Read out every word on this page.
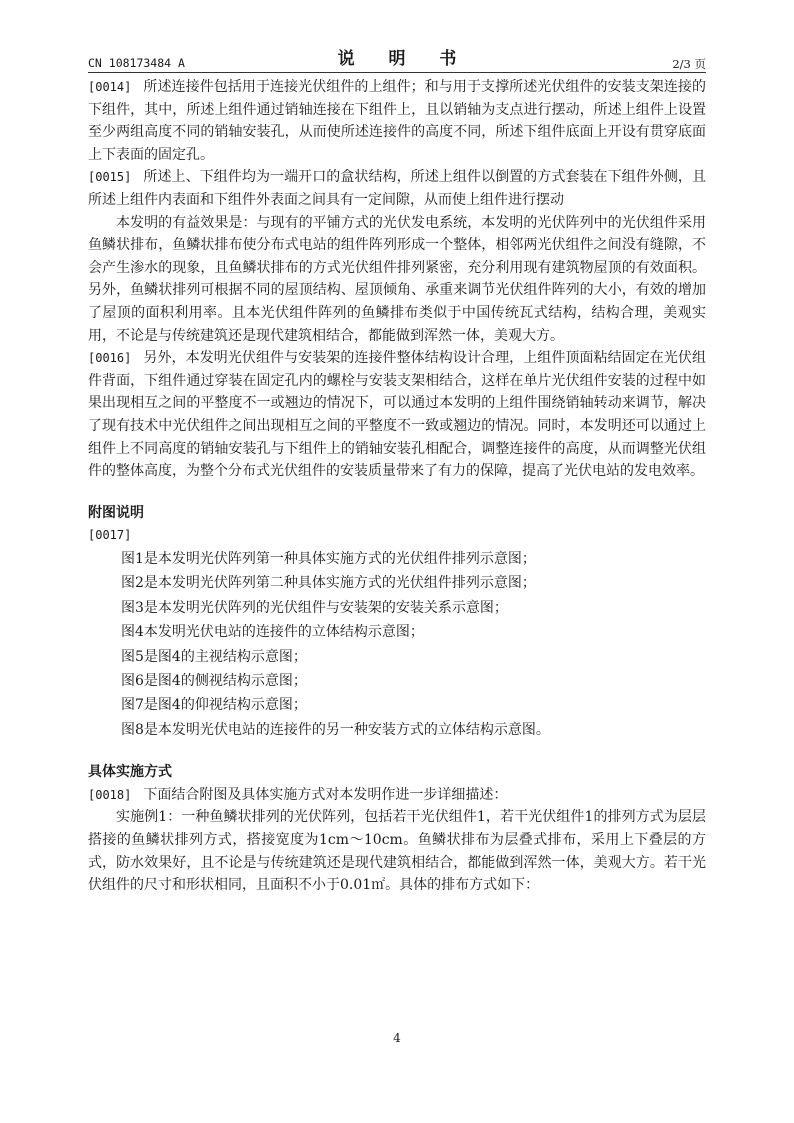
CN 108173484 A	说 明 书	2/3 页

[0014] 所述连接件包括用于连接光伏组件的上组件；和与用于支撑所述光伏组件的安装支架连接的下组件，其中，所述上组件通过销轴连接在下组件上，且以销轴为支点进行摆动，所述上组件上设置至少两组高度不同的销轴安装孔，从而使所述连接件的高度不同，所述下组件底面上开设有贯穿底面上下表面的固定孔。

[0015] 所述上、下组件均为一端开口的盒状结构，所述上组件以倒置的方式套装在下组件外侧，且所述上组件内表面和下组件外表面之间具有一定间隙，从而使上组件进行摆动

本发明的有益效果是：与现有的平铺方式的光伏发电系统，本发明的光伏阵列中的光伏组件采用鱼鳞状排布，鱼鳞状排布使分布式电站的组件阵列形成一个整体，相邻两光伏组件之间没有缝隙，不会产生渗水的现象，且鱼鳞状排布的方式光伏组件排列紧密，充分利用现有建筑物屋顶的有效面积。另外，鱼鳞状排列可根据不同的屋顶结构、屋顶倾角、承重来调节光伏组件阵列的大小，有效的增加了屋顶的面积利用率。且本光伏组件阵列的鱼鳞排布类似于中国传统瓦式结构，结构合理，美观实用，不论是与传统建筑还是现代建筑相结合，都能做到浑然一体，美观大方。

[0016] 另外，本发明光伏组件与安装架的连接件整体结构设计合理，上组件顶面粘结固定在光伏组件背面，下组件通过穿装在固定孔内的螺栓与安装支架相结合，这样在单片光伏组件安装的过程中如果出现相互之间的平整度不一或翘边的情况下，可以通过本发明的上组件围绕销轴转动来调节，解决了现有技术中光伏组件之间出现相互之间的平整度不一致或翘边的情况。同时，本发明还可以通过上组件上不同高度的销轴安装孔与下组件上的销轴安装孔相配合，调整连接件的高度，从而调整光伏组件的整体高度，为整个分布式光伏组件的安装质量带来了有力的保障，提高了光伏电站的发电效率。

附图说明

[0017]

图1是本发明光伏阵列第一种具体实施方式的光伏组件排列示意图；

图2是本发明光伏阵列第二种具体实施方式的光伏组件排列示意图；

图3是本发明光伏阵列的光伏组件与安装架的安装关系示意图；

图4本发明光伏电站的连接件的立体结构示意图；

图5是图4的主视结构示意图；

图6是图4的侧视结构示意图；

图7是图4的仰视结构示意图；

图8是本发明光伏电站的连接件的另一种安装方式的立体结构示意图。

具体实施方式

[0018] 下面结合附图及具体实施方式对本发明作进一步详细描述：

实施例1：一种鱼鳞状排列的光伏阵列，包括若干光伏组件1，若干光伏组件1的排列方式为层层搭接的鱼鳞状排列方式，搭接宽度为1cm～10cm。鱼鳞状排布为层叠式排布，采用上下叠层的方式，防水效果好，且不论是与传统建筑还是现代建筑相结合，都能做到浑然一体，美观大方。若干光伏组件的尺寸和形状相同，且面积不小于0.01㎡。具体的排布方式如下：

4
